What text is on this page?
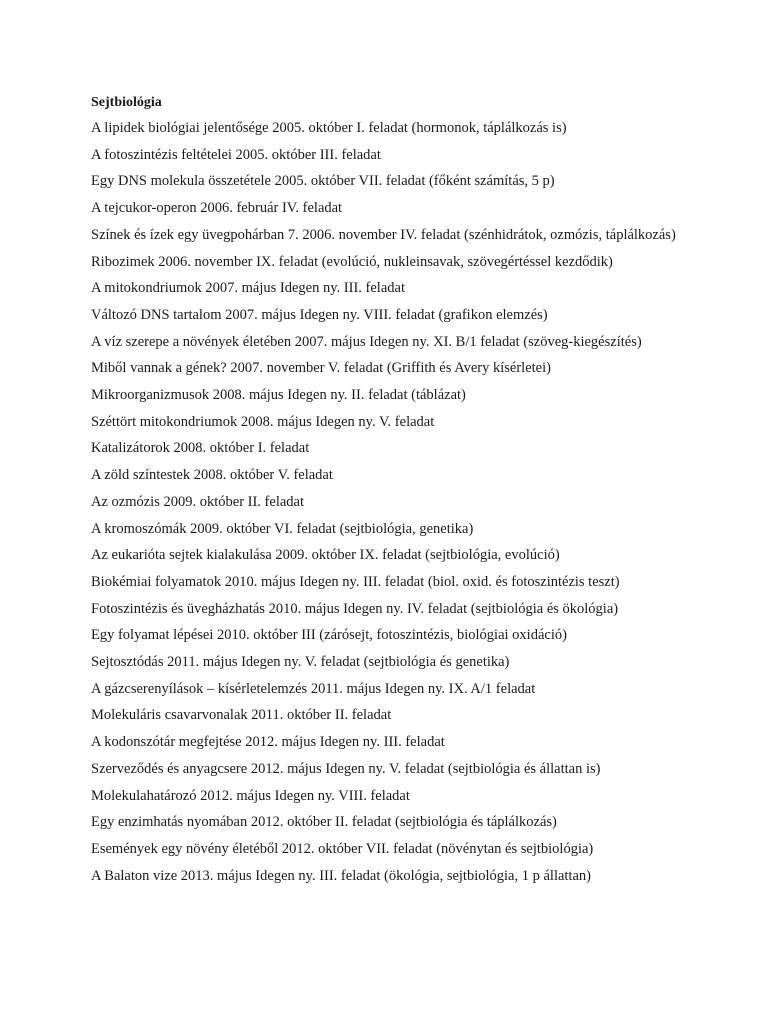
Sejtbiológia
A lipidek biológiai jelentősége 2005. október I. feladat (hormonok, táplálkozás is)
A fotoszintézis feltételei 2005. október III. feladat
Egy DNS molekula összetétele 2005. október VII. feladat (főként számítás, 5 p)
A tejcukor-operon 2006. február IV. feladat
Színek és ízek egy üvegpohárban 7. 2006. november IV. feladat (szénhidrátok, ozmózis, táplálkozás)
Ribozimek 2006. november IX. feladat (evolúció, nukleinsavak, szövegértéssel kezdődik)
A mitokondriumok 2007. május Idegen ny. III. feladat
Változó DNS tartalom 2007. május Idegen ny. VIII. feladat (grafikon elemzés)
A víz szerepe a növények életében 2007. május Idegen ny. XI. B/1 feladat (szöveg-kiegészítés)
Miből vannak a gének? 2007. november V. feladat (Griffith és Avery kísérletei)
Mikroorganizmusok 2008. május Idegen ny. II. feladat (táblázat)
Széttört mitokondriumok 2008. május Idegen ny. V. feladat
Katalizátorok 2008. október I. feladat
A zöld színtestek 2008. október V. feladat
Az ozmózis 2009. október II. feladat
A kromoszómák 2009. október VI. feladat (sejtbiológia, genetika)
Az eukarióta sejtek kialakulása 2009. október IX. feladat (sejtbiológia, evolúció)
Biokémiai folyamatok 2010. május Idegen ny. III. feladat (biol. oxid. és fotoszintézis teszt)
Fotoszintézis és üvegházhatás 2010. május Idegen ny. IV. feladat (sejtbiológia és ökológia)
Egy folyamat lépései 2010. október III (zárósejt, fotoszintézis, biológiai oxidáció)
Sejtosztódás 2011. május Idegen ny. V. feladat (sejtbiológia és genetika)
A gázcserenyílások – kísérletelemzés 2011. május Idegen ny. IX. A/1 feladat
Molekuláris csavarvonalak 2011. október II. feladat
A kodonszótár megfejtése 2012. május Idegen ny. III. feladat
Szerveződés és anyagcsere 2012. május Idegen ny. V. feladat (sejtbiológia és állattan is)
Molekulahatározó 2012. május Idegen ny. VIII. feladat
Egy enzimhatás nyomában 2012. október II. feladat (sejtbiológia és táplálkozás)
Események egy növény életéből 2012. október VII. feladat (növénytan és sejtbiológia)
A Balaton vize 2013. május Idegen ny. III. feladat (ökológia, sejtbiológia, 1 p állattan)
